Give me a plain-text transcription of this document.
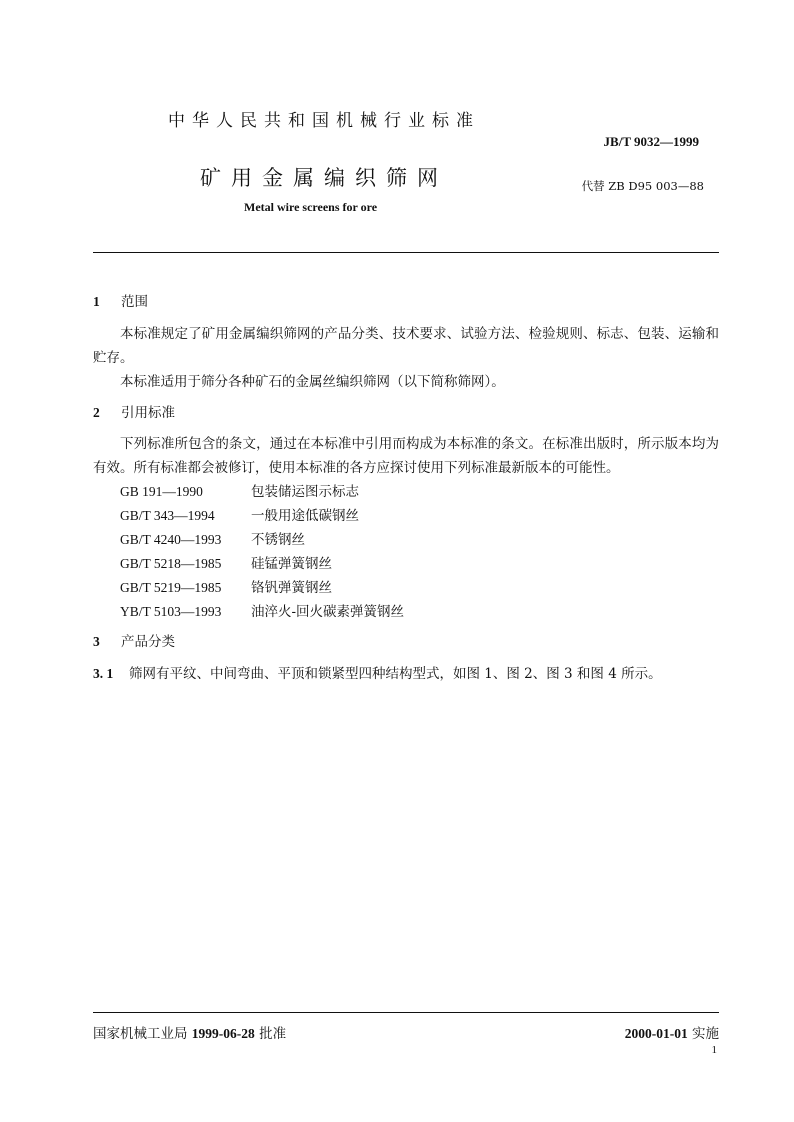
中华人民共和国机械行业标准

JB/T 9032—1999

矿用金属编织筛网	代替 ZB D95 003—88

Metal wire screens for ore

1 范围

本标准规定了矿用金属编织筛网的产品分类、技术要求、试验方法、检验规则、标志、包装、运输和贮存。

本标准适用于筛分各种矿石的金属丝编织筛网（以下简称筛网）。

2 引用标准

下列标准所包含的条文，通过在本标准中引用而构成为本标准的条文。在标准出版时，所示版本均为有效。所有标准都会被修订，使用本标准的各方应探讨使用下列标准最新版本的可能性。

GB 191—1990	包装储运图示标志

GB/T 343—1994	一般用途低碳钢丝

GB/T 4240—1993 不锈钢丝

GB/T 5218—1985 硅锰弹簧钢丝

GB/T 5219—1985 铬钒弹簧钢丝

YB/T 5103—1993 油淬火-回火碳素弹簧钢丝

3 产品分类

3. 1 筛网有平纹、中间弯曲、平顶和锁紧型四种结构型式，如图 1、图 2、图 3 和图 4 所示。

国家机械工业局 1999-06-28 批准	2000-01-01 实施

1
